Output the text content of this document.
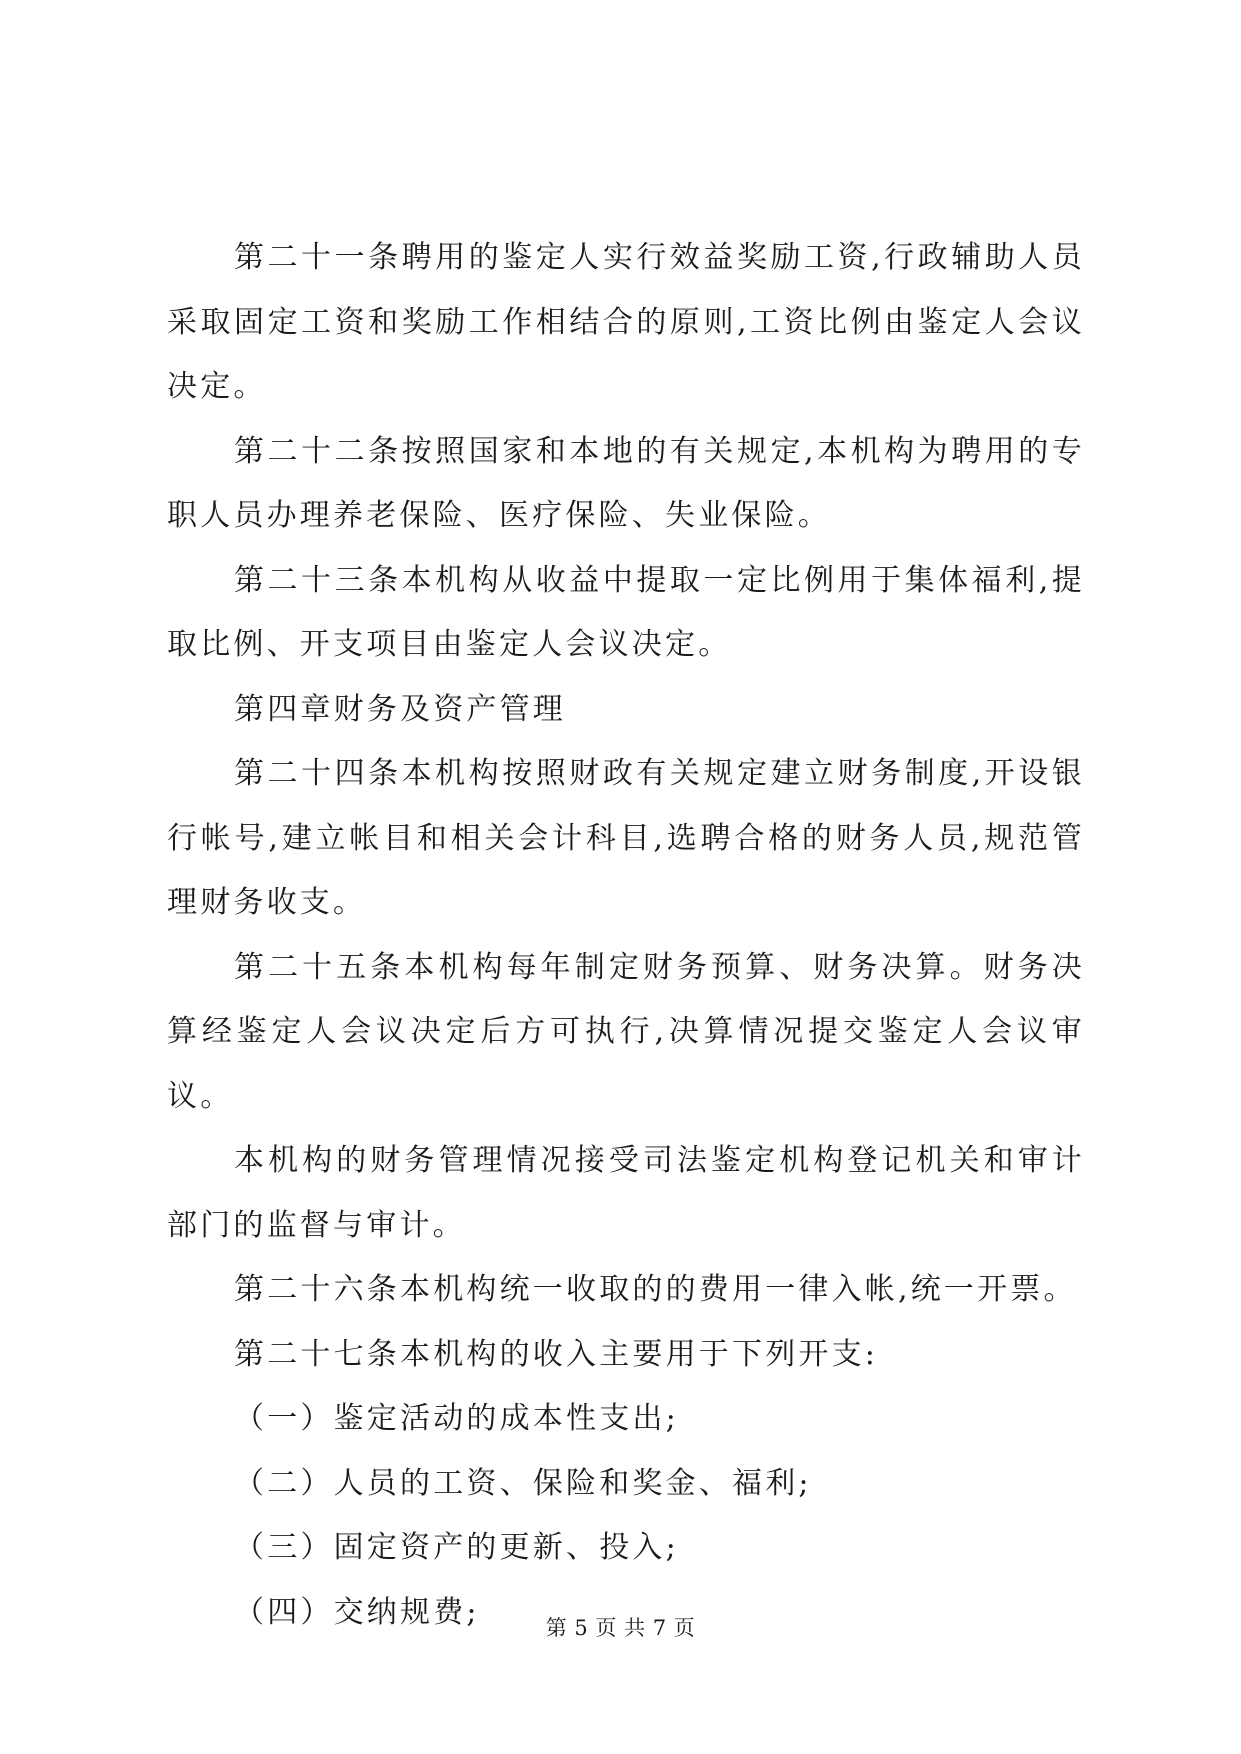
第二十一条聘用的鉴定人实行效益奖励工资,行政辅助人员采取固定工资和奖励工作相结合的原则,工资比例由鉴定人会议决定。

第二十二条按照国家和本地的有关规定,本机构为聘用的专职人员办理养老保险、医疗保险、失业保险。

第二十三条本机构从收益中提取一定比例用于集体福利,提取比例、开支项目由鉴定人会议决定。

第四章财务及资产管理

第二十四条本机构按照财政有关规定建立财务制度,开设银行帐号,建立帐目和相关会计科目,选聘合格的财务人员,规范管理财务收支。

第二十五条本机构每年制定财务预算、财务决算。财务决算经鉴定人会议决定后方可执行,决算情况提交鉴定人会议审议。

本机构的财务管理情况接受司法鉴定机构登记机关和审计部门的监督与审计。

第二十六条本机构统一收取的的费用一律入帐,统一开票。

第二十七条本机构的收入主要用于下列开支:

（一）鉴定活动的成本性支出;

（二）人员的工资、保险和奖金、福利;

（三）固定资产的更新、投入;

（四）交纳规费;	第 5 页 共 7 页
